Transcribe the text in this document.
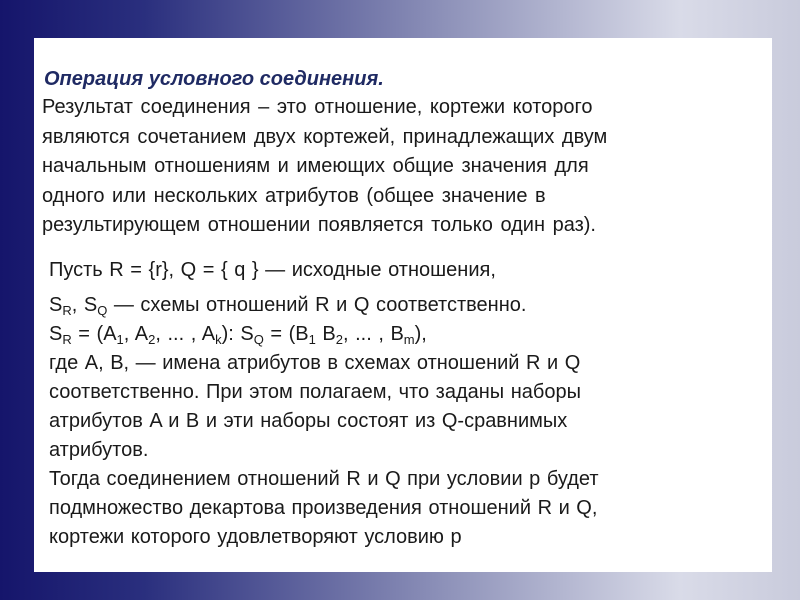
Операция условного соединения.
Результат соединения – это отношение, кортежи которого
являются сочетанием двух кортежей, принадлежащих двум
начальным отношениям и имеющих общие значения для
одного или нескольких атрибутов (общее значение в
результирующем отношении появляется только один раз).
Пусть R = {r}, Q = { q } — исходные отношения,
$S_R$, $S_Q$ — схемы отношений R и Q соответственно.
$S_R = (A_1$, $A_2$, ... , $A_k$): $S_Q = (B_1$ $B_2$, ... , $B_m$),
где A, B, — имена атрибутов в схемах отношений R и Q
соответственно. При этом полагаем, что заданы наборы
атрибутов A и B и эти наборы состоят из Q-сравнимых
атрибутов.
Тогда соединением отношений R и Q при условии p будет
подмножество декартова произведения отношений R и Q,
кортежи которого удовлетворяют условию p
